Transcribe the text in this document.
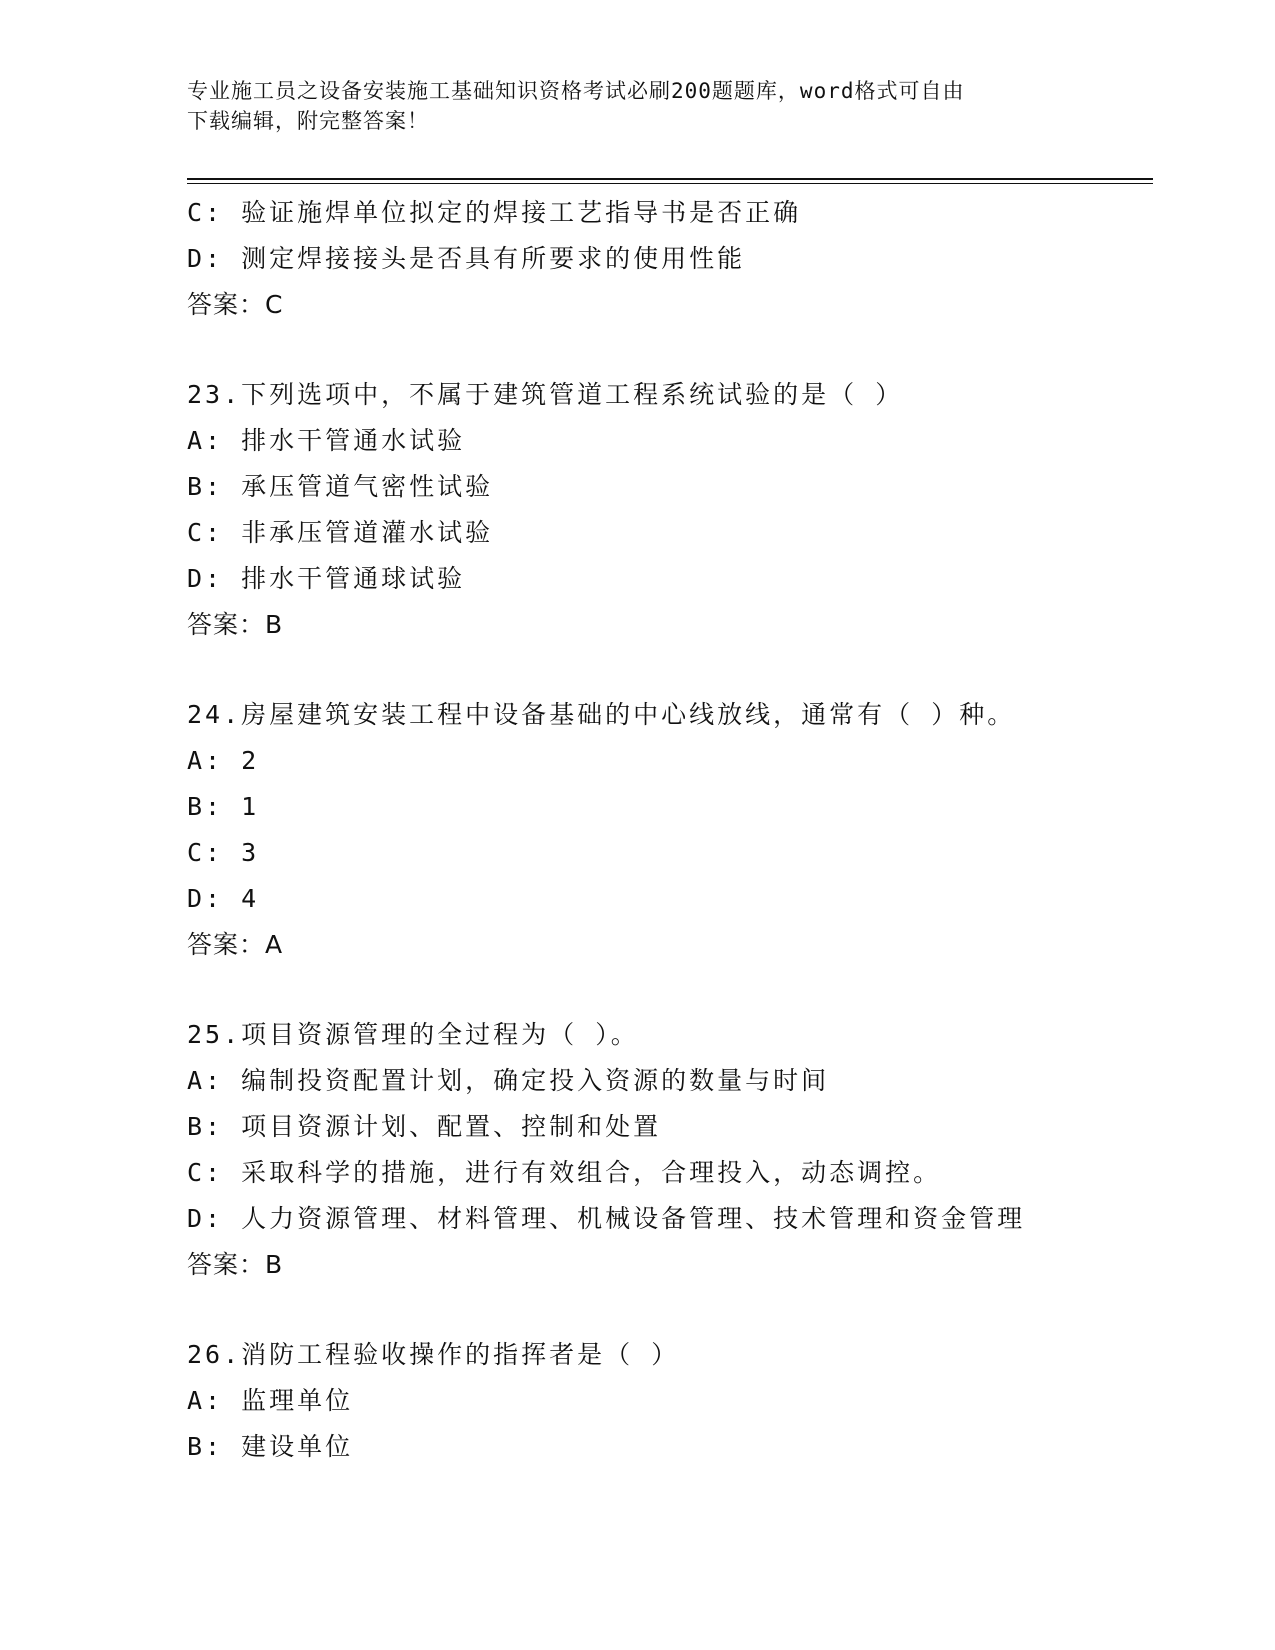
专业施工员之设备安装施工基础知识资格考试必刷200题题库，word格式可自由
下载编辑，附完整答案！
C: 验证施焊单位拟定的焊接工艺指导书是否正确
D: 测定焊接接头是否具有所要求的使用性能
答案：C
23.下列选项中，不属于建筑管道工程系统试验的是（ ）
A: 排水干管通水试验
B: 承压管道气密性试验
C: 非承压管道灌水试验
D: 排水干管通球试验
答案：B
24.房屋建筑安装工程中设备基础的中心线放线，通常有（ ）种。
A: 2
B: 1
C: 3
D: 4
答案：A
25.项目资源管理的全过程为（ ）。
A: 编制投资配置计划，确定投入资源的数量与时间
B: 项目资源计划、配置、控制和处置
C: 采取科学的措施，进行有效组合，合理投入，动态调控。
D: 人力资源管理、材料管理、机械设备管理、技术管理和资金管理
答案：B
26.消防工程验收操作的指挥者是（ ）
A: 监理单位
B: 建设单位
